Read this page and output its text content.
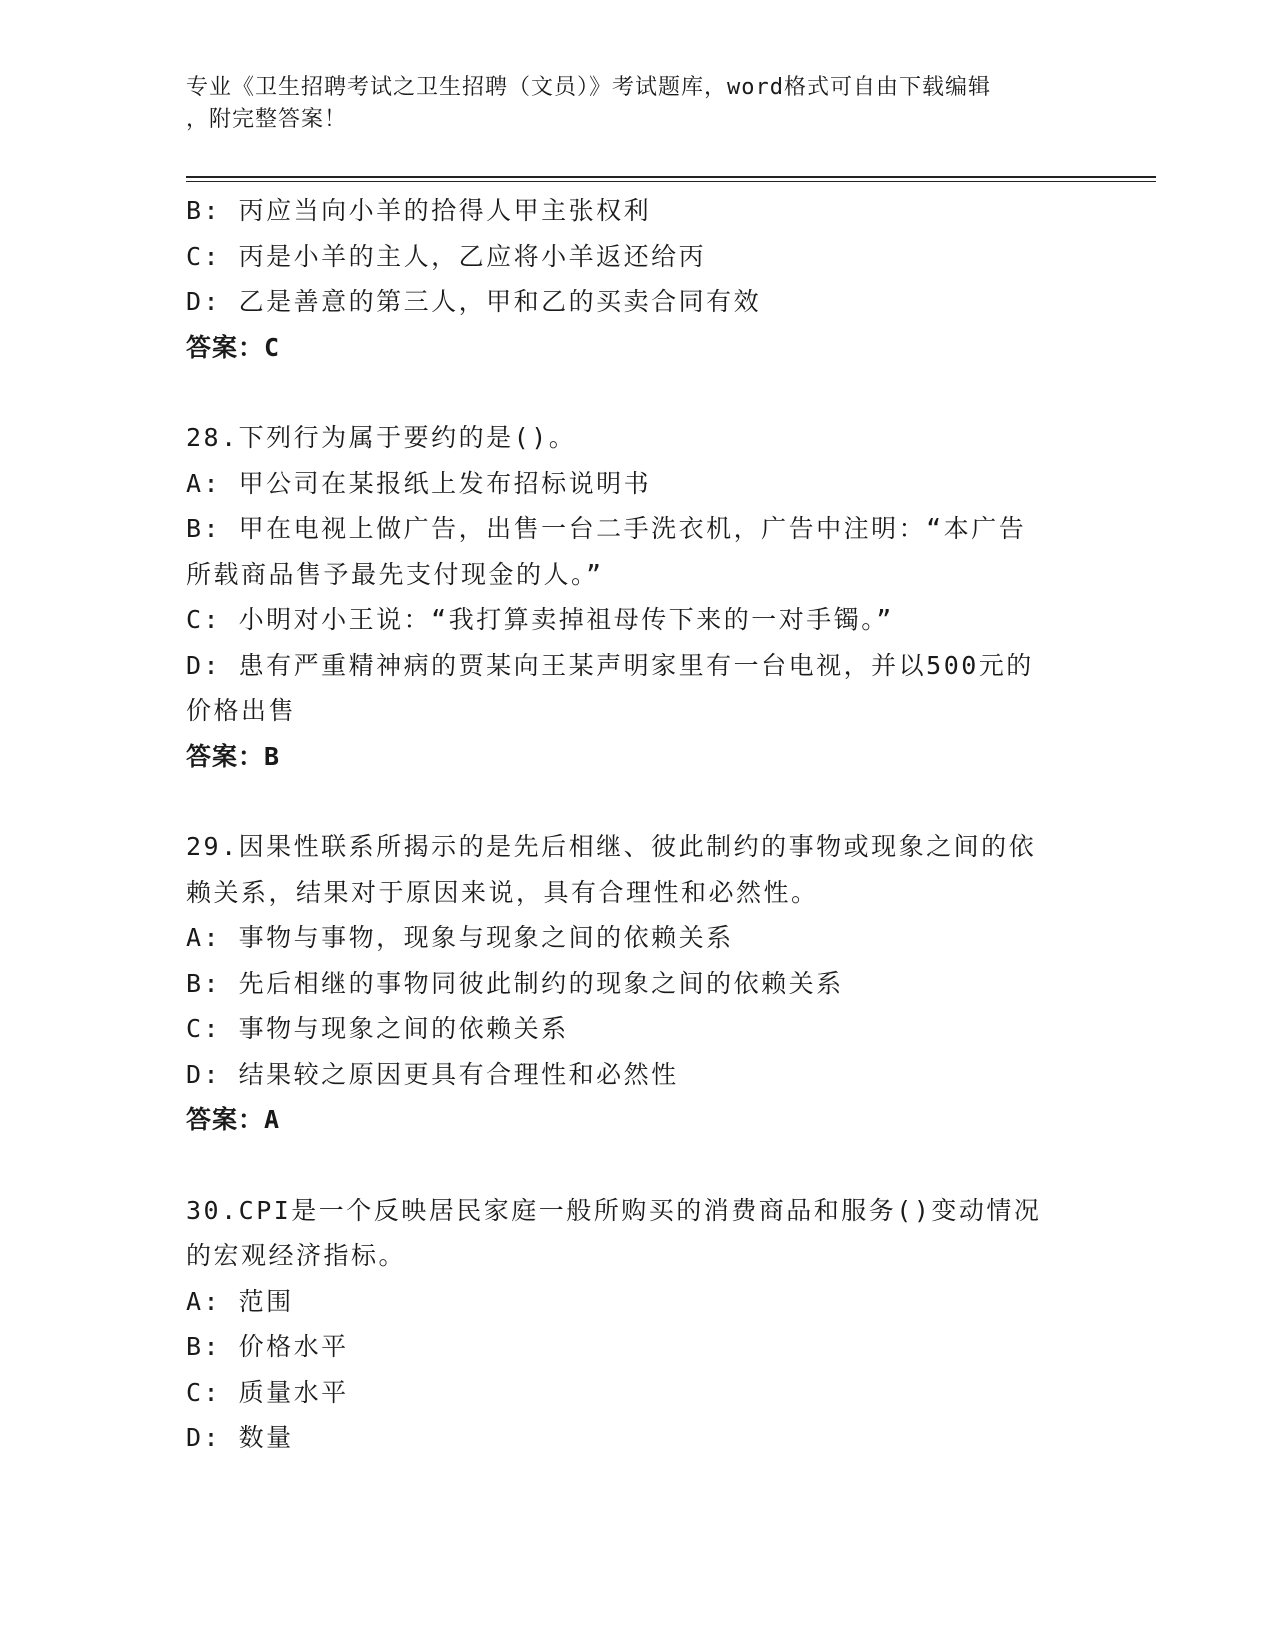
专业《卫生招聘考试之卫生招聘（文员）》考试题库，word格式可自由下载编辑

，附完整答案！

B: 丙应当向小羊的拾得人甲主张权利

C: 丙是小羊的主人，乙应将小羊返还给丙

D: 乙是善意的第三人，甲和乙的买卖合同有效

答案：C

28.下列行为属于要约的是()。

A: 甲公司在某报纸上发布招标说明书

B: 甲在电视上做广告，出售一台二手洗衣机，广告中注明：“本广告

所载商品售予最先支付现金的人。”

C: 小明对小王说：“我打算卖掉祖母传下来的一对手镯。”

D: 患有严重精神病的贾某向王某声明家里有一台电视，并以500元的

价格出售

答案：B

29.因果性联系所揭示的是先后相继、彼此制约的事物或现象之间的依

赖关系，结果对于原因来说，具有合理性和必然性。

A: 事物与事物，现象与现象之间的依赖关系

B: 先后相继的事物同彼此制约的现象之间的依赖关系

C: 事物与现象之间的依赖关系

D: 结果较之原因更具有合理性和必然性

答案：A

30.CPI是一个反映居民家庭一般所购买的消费商品和服务()变动情况

的宏观经济指标。

A: 范围

B: 价格水平

C: 质量水平

D: 数量
